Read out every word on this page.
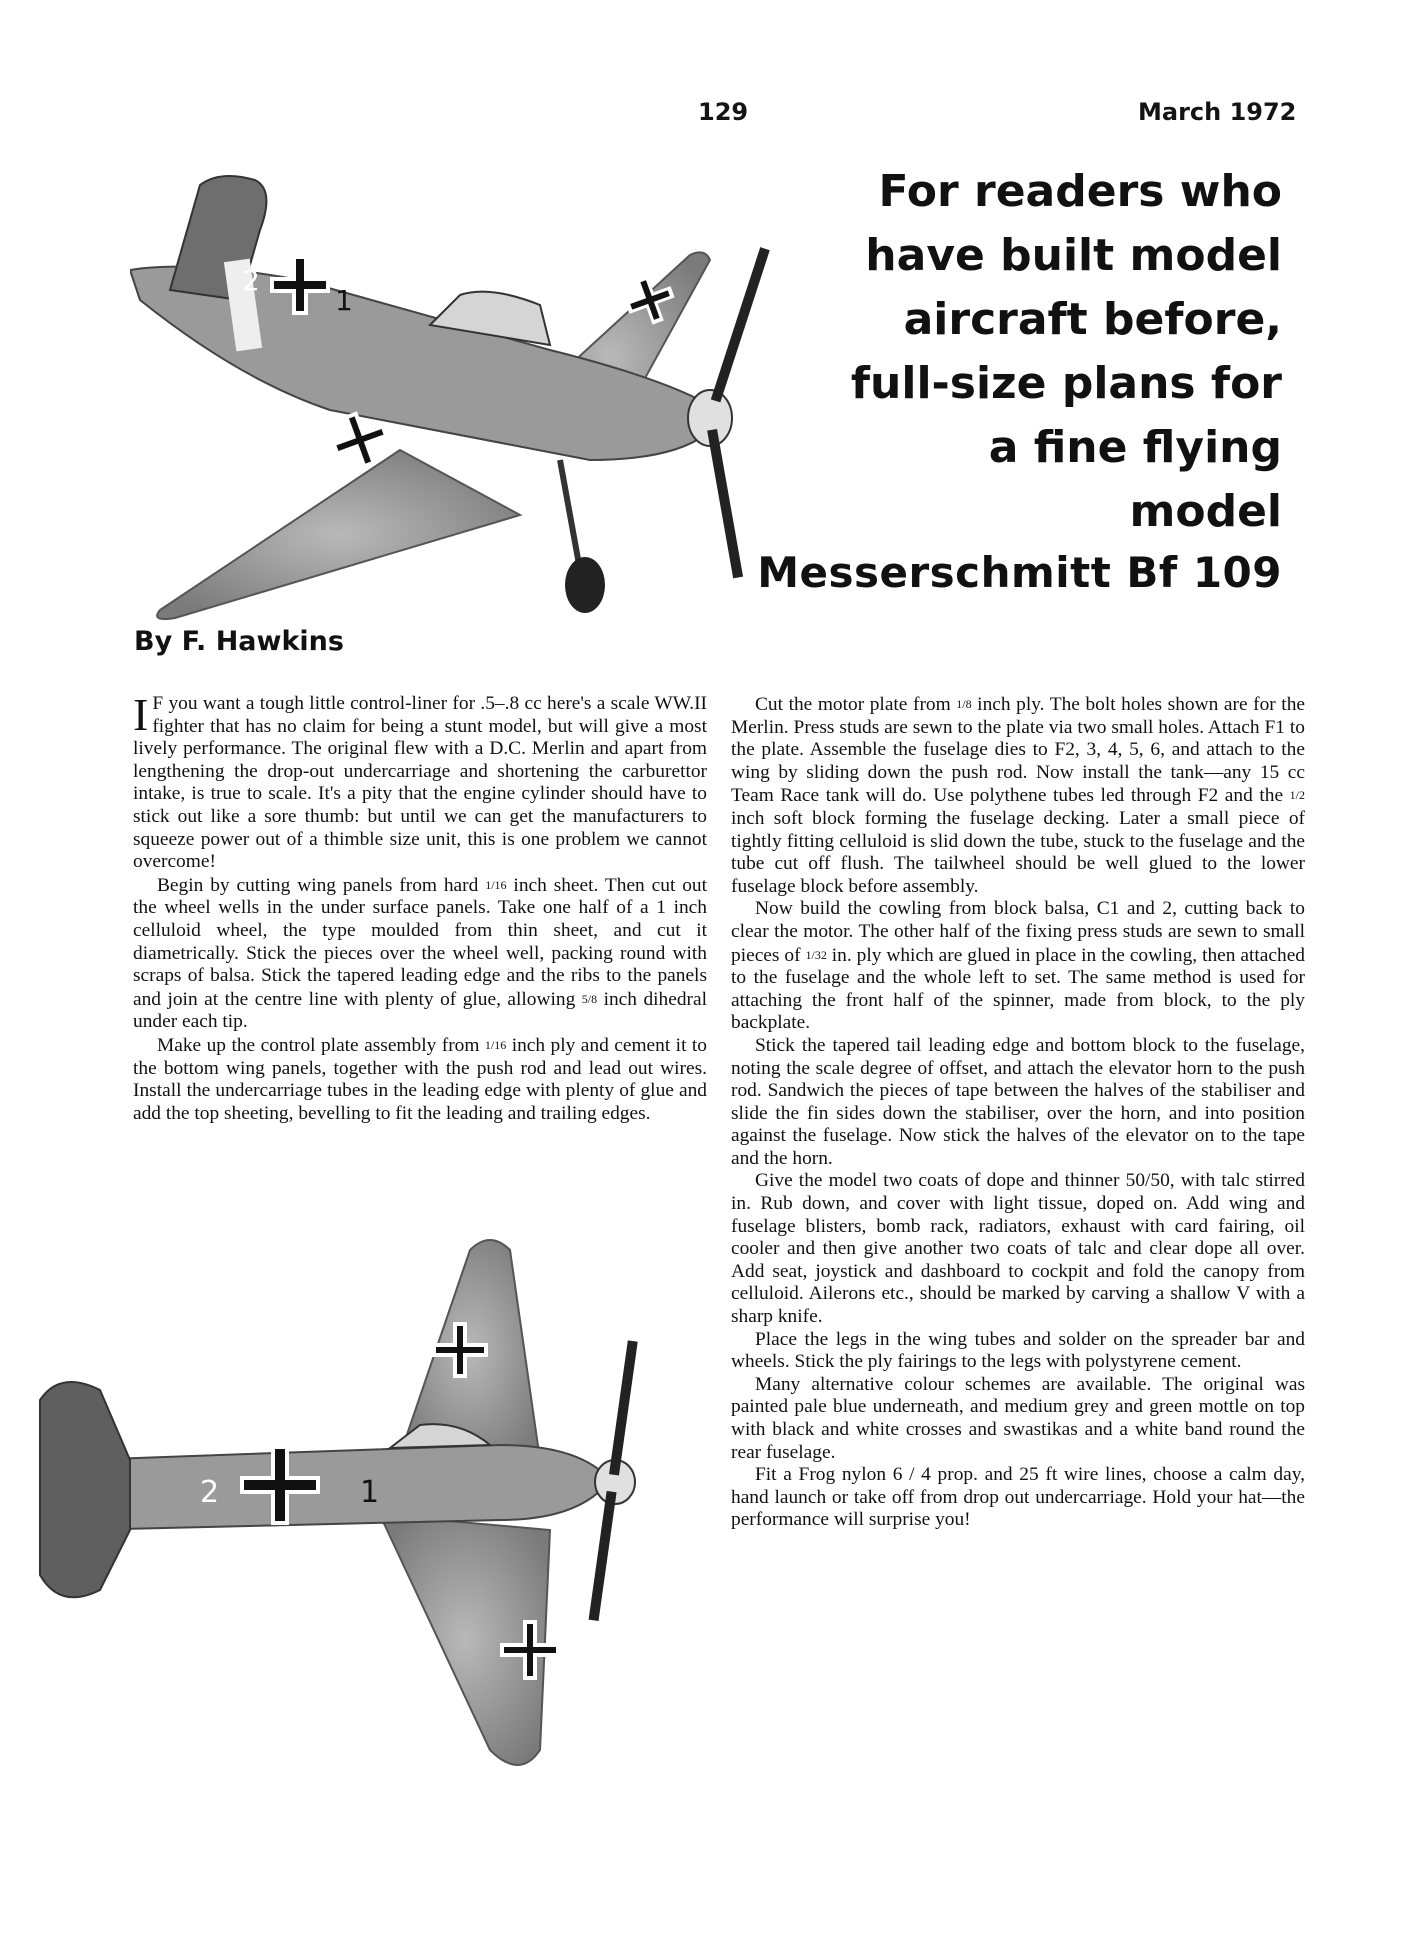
129	March 1972
2
1
For readers who have built model aircraft before, full-size plans for a fine flying model
Messerschmitt Bf 109
By F. Hawkins

I F you want a tough little control-liner for .5–.8 cc here's a scale WW.II fighter that has no claim for being a stunt model, but will give a most lively performance. The original flew with a D.C. Merlin and apart from lengthening the drop-out undercarriage and shortening the carburettor intake, is true to scale. It's a pity that the engine cylinder should have to stick out like a sore thumb: but until we can get the manufacturers to squeeze power out of a thimble size unit, this is one problem we cannot overcome!

Begin by cutting wing panels from hard 1/16 inch sheet. Then cut out the wheel wells in the under surface panels. Take one half of a 1 inch celluloid wheel, the type moulded from thin sheet, and cut it diametrically. Stick the pieces over the wheel well, packing round with scraps of balsa. Stick the tapered leading edge and the ribs to the panels and join at the centre line with plenty of glue, allowing 5/8 inch dihedral under each tip.

Make up the control plate assembly from 1/16 inch ply and cement it to the bottom wing panels, together with the push rod and lead out wires. Install the undercarriage tubes in the leading edge with plenty of glue and add the top sheeting, bevelling to fit the leading and trailing edges.

2	1

Cut the motor plate from 1/8 inch ply. The bolt holes shown are for the Merlin. Press studs are sewn to the plate via two small holes. Attach F1 to the plate. Assemble the fuselage dies to F2, 3, 4, 5, 6, and attach to the wing by sliding down the push rod. Now install the tank—any 15 cc Team Race tank will do. Use polythene tubes led through F2 and the 1/2 inch soft block forming the fuselage decking. Later a small piece of tightly fitting celluloid is slid down the tube, stuck to the fuselage and the tube cut off flush. The tailwheel should be well glued to the lower fuselage block before assembly.

Now build the cowling from block balsa, C1 and 2, cutting back to clear the motor. The other half of the fixing press studs are sewn to small pieces of 1/32 in. ply which are glued in place in the cowling, then attached to the fuselage and the whole left to set. The same method is used for attaching the front half of the spinner, made from block, to the ply backplate.

Stick the tapered tail leading edge and bottom block to the fuselage, noting the scale degree of offset, and attach the elevator horn to the push rod. Sandwich the pieces of tape between the halves of the stabiliser and slide the fin sides down the stabiliser, over the horn, and into position against the fuselage. Now stick the halves of the elevator on to the tape and the horn.

Give the model two coats of dope and thinner 50/50, with talc stirred in. Rub down, and cover with light tissue, doped on. Add wing and fuselage blisters, bomb rack, radiators, exhaust with card fairing, oil cooler and then give another two coats of talc and clear dope all over. Add seat, joystick and dashboard to cockpit and fold the canopy from celluloid. Ailerons etc., should be marked by carving a shallow V with a sharp knife.

Place the legs in the wing tubes and solder on the spreader bar and wheels. Stick the ply fairings to the legs with polystyrene cement.

Many alternative colour schemes are available. The original was painted pale blue underneath, and medium grey and green mottle on top with black and white crosses and swastikas and a white band round the rear fuselage.

Fit a Frog nylon 6 / 4 prop. and 25 ft wire lines, choose a calm day, hand launch or take off from drop out undercarriage. Hold your hat—the performance will surprise you!
